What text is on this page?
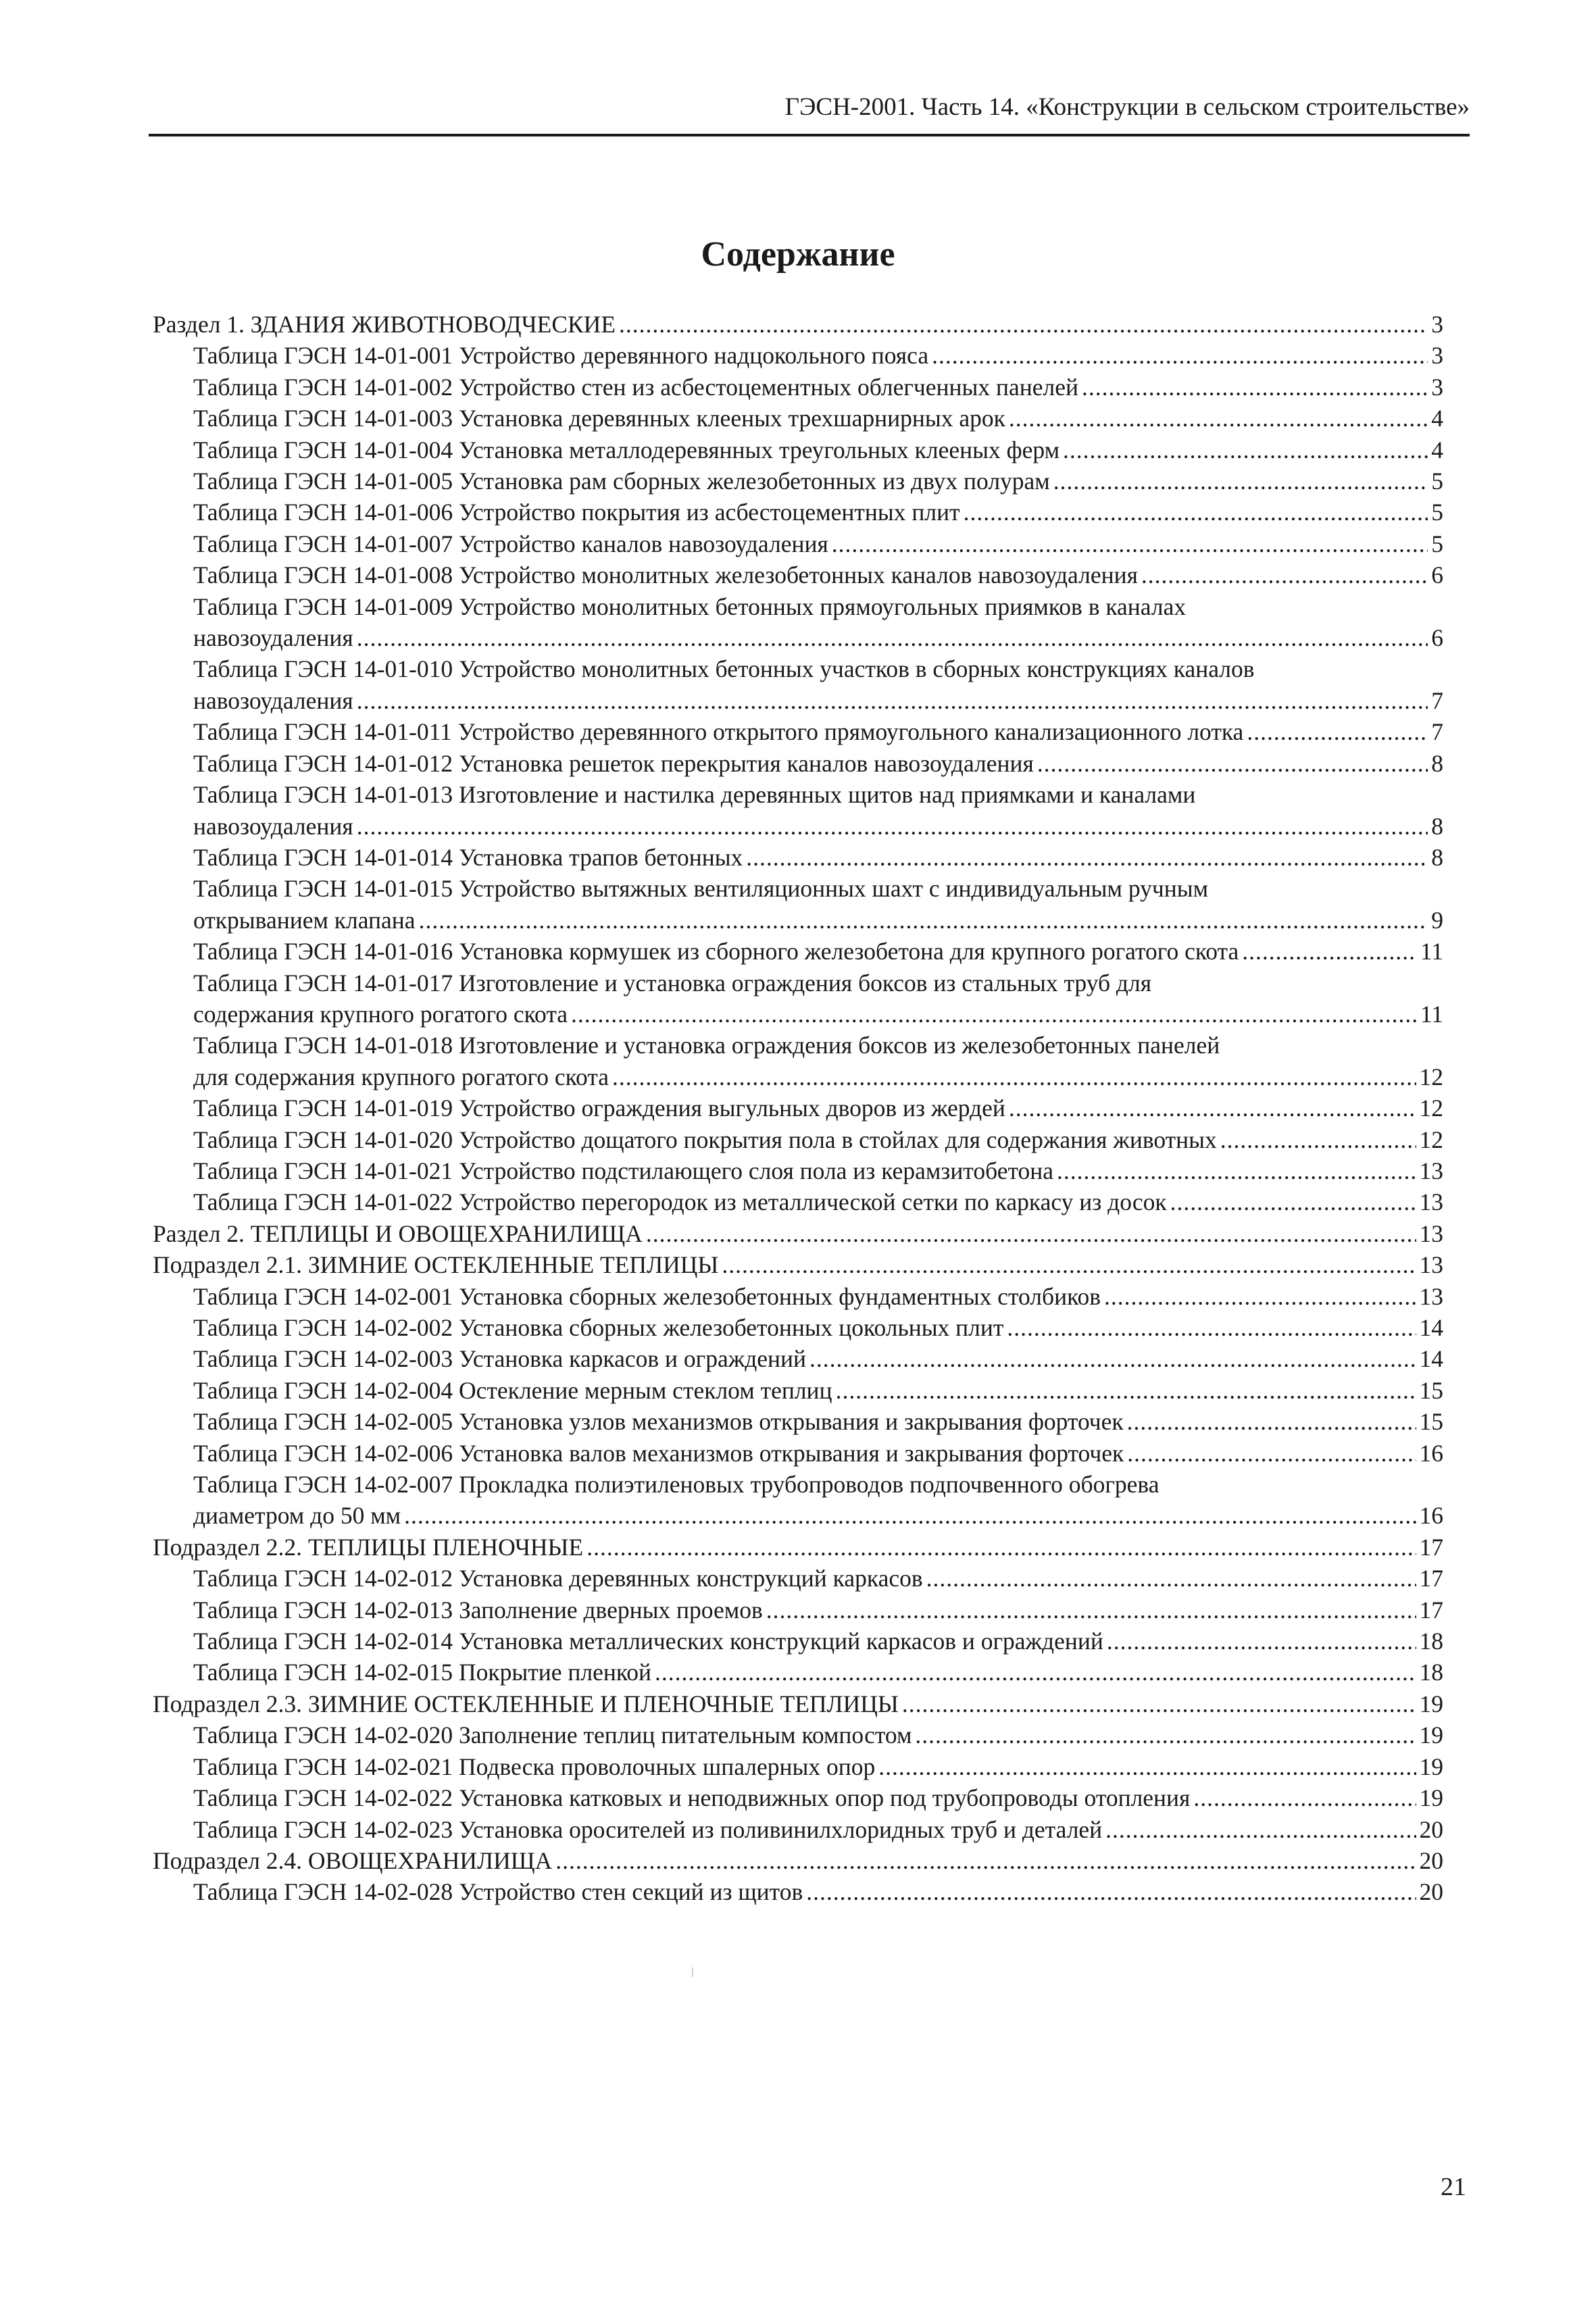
ГЭСН-2001. Часть 14. «Конструкции в сельском строительстве»
Содержание
Раздел 1. ЗДАНИЯ ЖИВОТНОВОДЧЕСКИЕ .....	3
Таблица ГЭСН 14-01-001 Устройство деревянного надцокольного пояса .....	3
Таблица ГЭСН 14-01-002 Устройство стен из асбестоцементных облегченных панелей .....	3
Таблица ГЭСН 14-01-003 Установка деревянных клееных трехшарнирных арок .....	4
Таблица ГЭСН 14-01-004 Установка металлодеревянных треугольных клееных ферм .....	4
Таблица ГЭСН 14-01-005 Установка рам сборных железобетонных из двух полурам .....	5
Таблица ГЭСН 14-01-006 Устройство покрытия из асбестоцементных плит .....	5
Таблица ГЭСН 14-01-007 Устройство каналов навозоудаления .....	5
Таблица ГЭСН 14-01-008 Устройство монолитных железобетонных каналов навозоудаления .....	6
Таблица ГЭСН 14-01-009 Устройство монолитных бетонных прямоугольных приямков в каналах
навозоудаления .....	6
Таблица ГЭСН 14-01-010 Устройство монолитных бетонных участков в сборных конструкциях каналов
навозоудаления .....	7
Таблица ГЭСН 14-01-011 Устройство деревянного открытого прямоугольного канализационного лотка .....	7
Таблица ГЭСН 14-01-012 Установка решеток перекрытия каналов навозоудаления .....	8
Таблица ГЭСН 14-01-013 Изготовление и настилка деревянных щитов над приямками и каналами
навозоудаления .....	8
Таблица ГЭСН 14-01-014 Установка трапов бетонных .....	8
Таблица ГЭСН 14-01-015 Устройство вытяжных вентиляционных шахт с индивидуальным ручным
открыванием клапана .....	9
Таблица ГЭСН 14-01-016 Установка кормушек из сборного железобетона для крупного рогатого скота .....	11
Таблица ГЭСН 14-01-017 Изготовление и установка ограждения боксов из стальных труб для
содержания крупного рогатого скота .....	11
Таблица ГЭСН 14-01-018 Изготовление и установка ограждения боксов из железобетонных панелей
для содержания крупного рогатого скота .....	12
Таблица ГЭСН 14-01-019 Устройство ограждения выгульных дворов из жердей .....	12
Таблица ГЭСН 14-01-020 Устройство дощатого покрытия пола в стойлах для содержания животных .....	12
Таблица ГЭСН 14-01-021 Устройство подстилающего слоя пола из керамзитобетона .....	13
Таблица ГЭСН 14-01-022 Устройство перегородок из металлической сетки по каркасу из досок .....	13
Раздел 2. ТЕПЛИЦЫ И ОВОЩЕХРАНИЛИЩА .....	13
Подраздел 2.1. ЗИМНИЕ ОСТЕКЛЕННЫЕ ТЕПЛИЦЫ .....	13
Таблица ГЭСН 14-02-001 Установка сборных железобетонных фундаментных столбиков .....	13
Таблица ГЭСН 14-02-002 Установка сборных железобетонных цокольных плит .....	14
Таблица ГЭСН 14-02-003 Установка каркасов и ограждений .....	14
Таблица ГЭСН 14-02-004 Остекление мерным стеклом теплиц .....	15
Таблица ГЭСН 14-02-005 Установка узлов механизмов открывания и закрывания форточек .....	15
Таблица ГЭСН 14-02-006 Установка валов механизмов открывания и закрывания форточек .....	16
Таблица ГЭСН 14-02-007 Прокладка полиэтиленовых трубопроводов подпочвенного обогрева
диаметром до 50 мм .....	16
Подраздел 2.2. ТЕПЛИЦЫ ПЛЕНОЧНЫЕ .....	17
Таблица ГЭСН 14-02-012 Установка деревянных конструкций каркасов .....	17
Таблица ГЭСН 14-02-013 Заполнение дверных проемов .....	17
Таблица ГЭСН 14-02-014 Установка металлических конструкций каркасов и ограждений .....	18
Таблица ГЭСН 14-02-015 Покрытие пленкой .....	18
Подраздел 2.3. ЗИМНИЕ ОСТЕКЛЕННЫЕ И ПЛЕНОЧНЫЕ ТЕПЛИЦЫ .....	19
Таблица ГЭСН 14-02-020 Заполнение теплиц питательным компостом .....	19
Таблица ГЭСН 14-02-021 Подвеска проволочных шпалерных опор .....	19
Таблица ГЭСН 14-02-022 Установка катковых и неподвижных опор под трубопроводы отопления .....	19
Таблица ГЭСН 14-02-023 Установка оросителей из поливинилхлоридных труб и деталей .....	20
Подраздел 2.4. ОВОЩЕХРАНИЛИЩА .....	20
Таблица ГЭСН 14-02-028 Устройство стен секций из щитов .....	20
21
